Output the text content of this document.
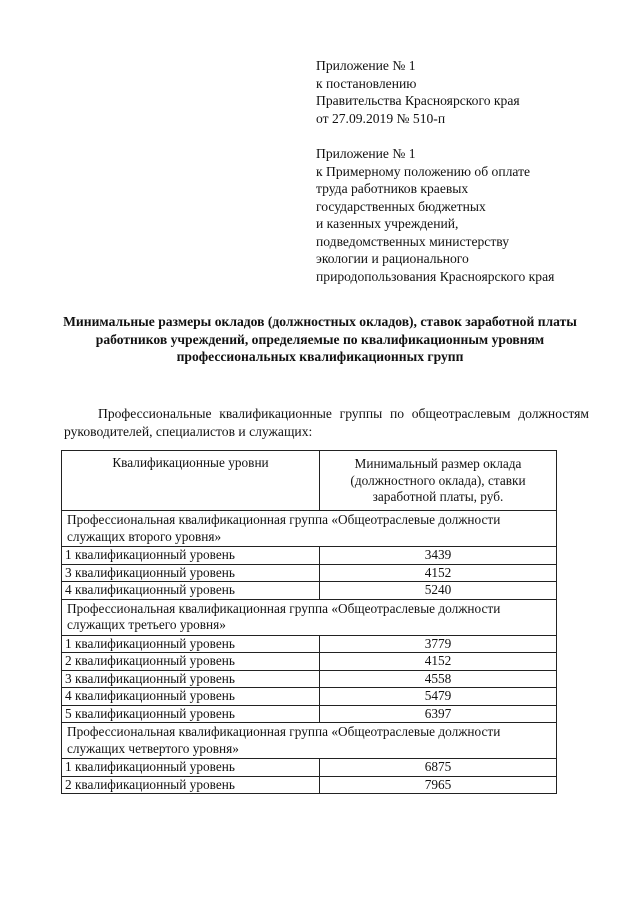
Приложение № 1
к постановлению
Правительства Красноярского края
от 27.09.2019 № 510-п
Приложение № 1
к Примерному положению об оплате
труда работников краевых
государственных бюджетных
и казенных учреждений,
подведомственных министерству
экологии и рационального
природопользования Красноярского края
Минимальные размеры окладов (должностных окладов), ставок заработной платы работников учреждений, определяемые по квалификационным уровням профессиональных квалификационных групп
Профессиональные квалификационные группы по общеотраслевым должностям руководителей, специалистов и служащих:
Квалификационные уровни	Минимальный размер оклада (должностного оклада), ставки заработной платы, руб.
Профессиональная квалификационная группа «Общеотраслевые должности служащих второго уровня»	
1 квалификационный уровень	3439
3 квалификационный уровень	4152
4 квалификационный уровень	5240
Профессиональная квалификационная группа «Общеотраслевые должности служащих третьего уровня»	
1 квалификационный уровень	3779
2 квалификационный уровень	4152
3 квалификационный уровень	4558
4 квалификационный уровень	5479
5 квалификационный уровень	6397
Профессиональная квалификационная группа «Общеотраслевые должности служащих четвертого уровня»	
1 квалификационный уровень	6875
2 квалификационный уровень	7965
